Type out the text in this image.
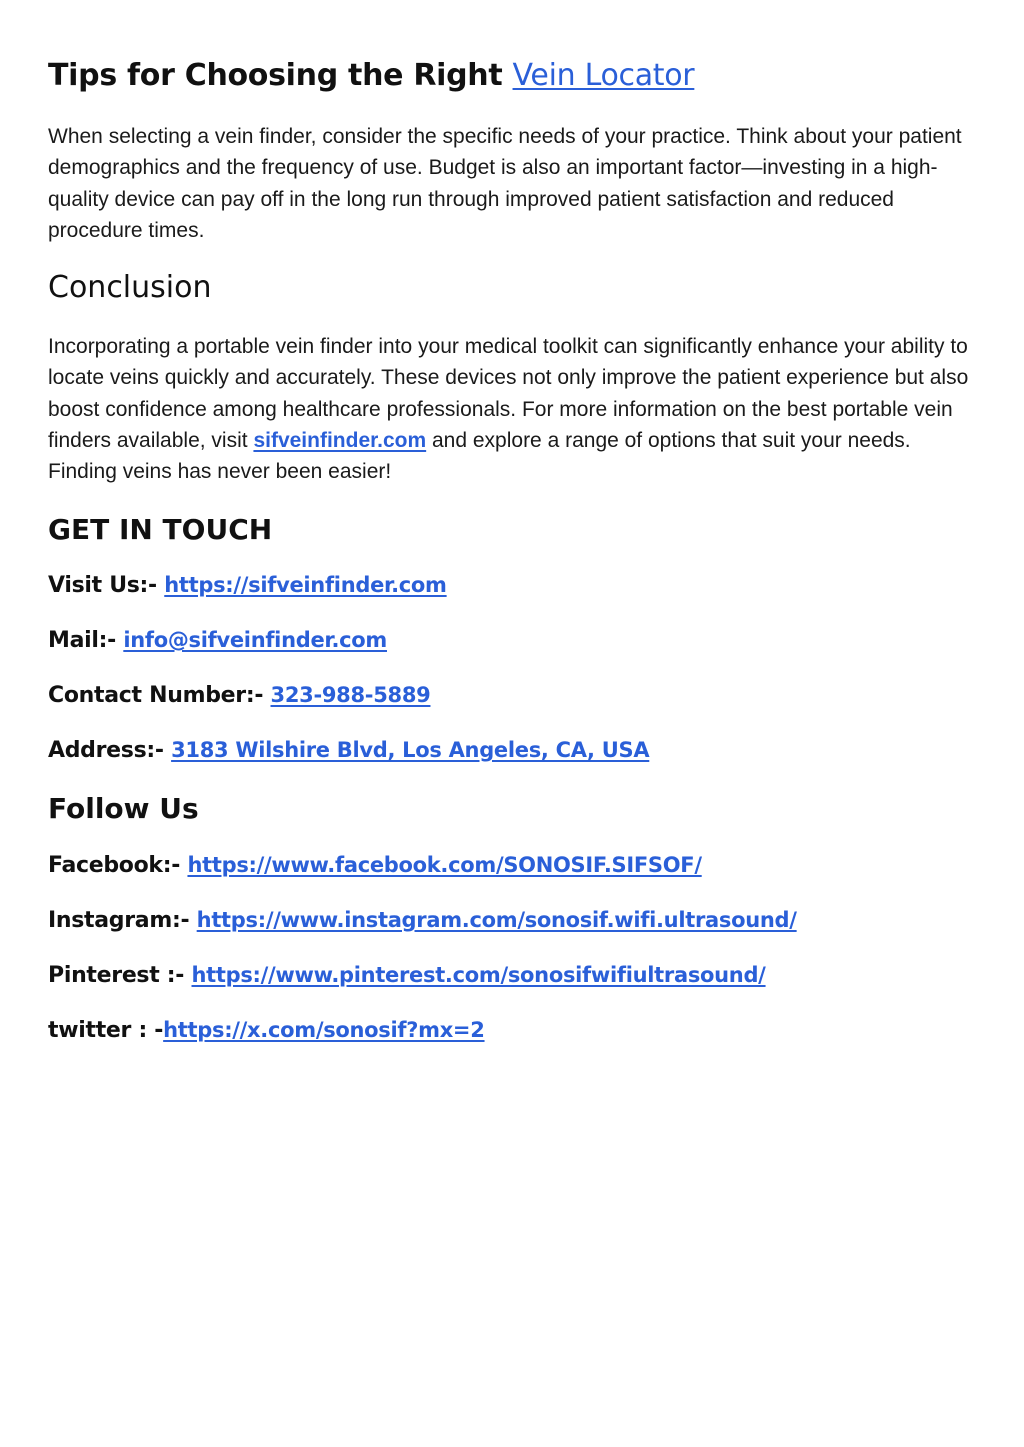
Tips for Choosing the Right Vein Locator

When selecting a vein finder, consider the specific needs of your practice. Think about your patient demographics and the frequency of use. Budget is also an important factor—investing in a high-quality device can pay off in the long run through improved patient satisfaction and reduced procedure times.

Conclusion

Incorporating a portable vein finder into your medical toolkit can significantly enhance your ability to locate veins quickly and accurately. These devices not only improve the patient experience but also boost confidence among healthcare professionals. For more information on the best portable vein finders available, visit sifveinfinder.com and explore a range of options that suit your needs. Finding veins has never been easier!

GET IN TOUCH
Visit Us:- https://sifveinfinder.com
Mail:- info@sifveinfinder.com
Contact Number:- 323-988-5889
Address:- 3183 Wilshire Blvd, Los Angeles, CA, USA
Follow Us
Facebook:- https://www.facebook.com/SONOSIF.SIFSOF/
Instagram:- https://www.instagram.com/sonosif.wifi.ultrasound/
Pinterest :- https://www.pinterest.com/sonosifwifiultrasound/
twitter : -https://x.com/sonosif?mx=2
